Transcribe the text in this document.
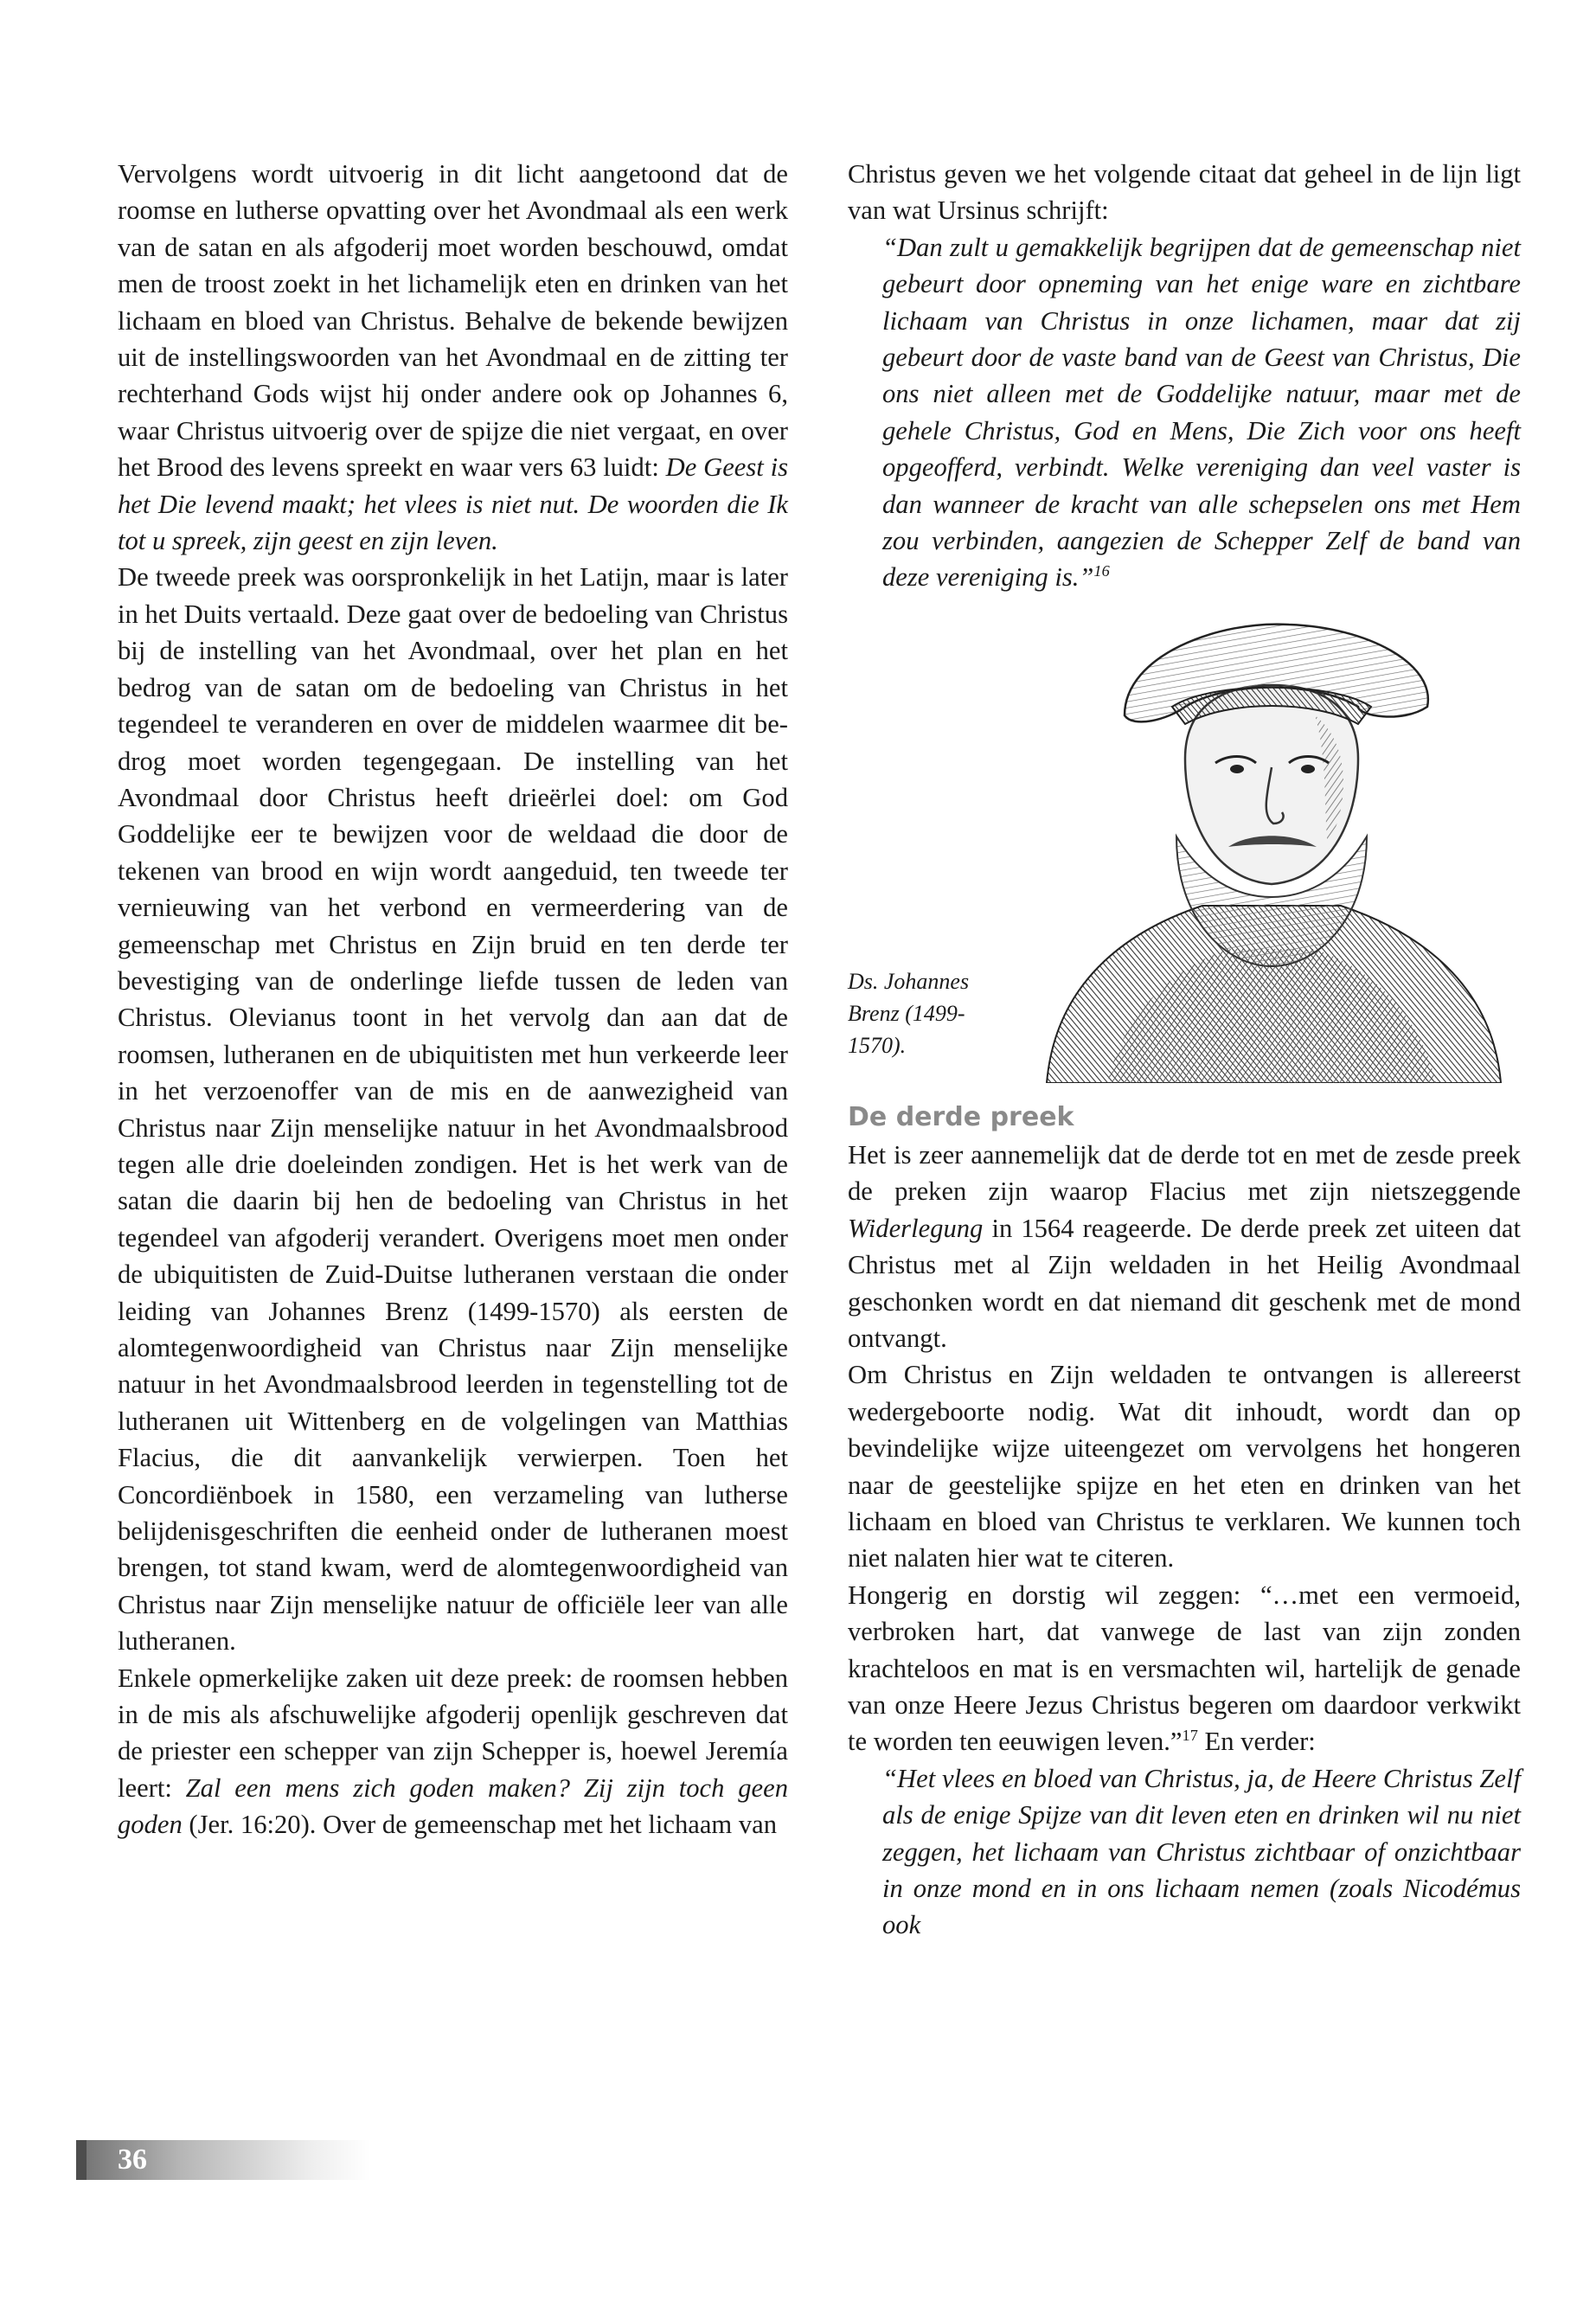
Vervolgens wordt uitvoerig in dit licht aangetoond dat de roomse en lutherse opvatting over het Avondmaal als een werk van de satan en als afgoderij moet worden beschouwd, omdat men de troost zoekt in het lichamelijk eten en drinken van het lichaam en bloed van Christus. Behalve de bekende bewijzen uit de instellingswoorden van het Avondmaal en de zitting ter rechterhand Gods wijst hij onder andere ook op Johannes 6, waar Christus uitvoerig over de spijze die niet vergaat, en over het Brood des levens spreekt en waar vers 63 luidt: De Geest is het Die levend maakt; het vlees is niet nut. De woorden die Ik tot u spreek, zijn geest en zijn leven.

De tweede preek was oorspronkelijk in het Latijn, maar is later in het Duits vertaald. Deze gaat over de bedoeling van Christus bij de instelling van het Avondmaal, over het plan en het bedrog van de satan om de bedoeling van Christus in het tegendeel te veranderen en over de middelen waarmee dit bedrog moet worden tegengegaan. De instelling van het Avondmaal door Christus heeft drieërlei doel: om God Goddelijke eer te bewijzen voor de weldaad die door de tekenen van brood en wijn wordt aangeduid, ten tweede ter vernieuwing van het verbond en vermeerdering van de gemeenschap met Christus en Zijn bruid en ten derde ter bevestiging van de onderlinge liefde tussen de leden van Christus. Olevianus toont in het vervolg dan aan dat de roomsen, lutheranen en de ubiquitisten met hun verkeerde leer in het verzoenoffer van de mis en de aanwezigheid van Christus naar Zijn menselijke natuur in het Avondmaalsbrood tegen alle drie doeleinden zondigen. Het is het werk van de satan die daarin bij hen de bedoeling van Christus in het tegendeel van afgoderij verandert. Overigens moet men onder de ubiquitisten de Zuid-Duitse lutheranen verstaan die onder leiding van Johannes Brenz (1499-1570) als eersten de alomtegenwoordigheid van Christus naar Zijn menselijke natuur in het Avondmaalsbrood leerden in tegenstelling tot de lutheranen uit Wittenberg en de volgelingen van Matthias Flacius, die dit aanvankelijk verwierpen. Toen het Concordiënboek in 1580, een verzameling van lutherse belijdenisgeschriften die eenheid onder de lutheranen moest brengen, tot stand kwam, werd de alomtegenwoordigheid van Christus naar Zijn menselijke natuur de officiële leer van alle lutheranen.

Enkele opmerkelijke zaken uit deze preek: de roomsen hebben in de mis als afschuwelijke afgoderij openlijk geschreven dat de priester een schepper van zijn Schepper is, hoewel Jeremía leert: Zal een mens zich goden maken? Zij zijn toch geen goden (Jer. 16:20). Over de gemeenschap met het lichaam van

Christus geven we het volgende citaat dat geheel in de lijn ligt van wat Ursinus schrijft:

“Dan zult u gemakkelijk begrijpen dat de gemeenschap niet gebeurt door opneming van het enige ware en zichtbare lichaam van Christus in onze lichamen, maar dat zij gebeurt door de vaste band van de Geest van Christus, Die ons niet alleen met de Goddelijke natuur, maar met de gehele Christus, God en Mens, Die Zich voor ons heeft opgeofferd, verbindt. Welke vereniging dan veel vaster is dan wanneer de kracht van alle schepselen ons met Hem zou verbinden, aangezien de Schepper Zelf de band van deze vereniging is.”$^{16}$

Ds. Johannes Brenz (1499-1570).
De derde preek

Het is zeer aannemelijk dat de derde tot en met de zesde preek de preken zijn waarop Flacius met zijn nietszeggende Widerlegung in 1564 reageerde. De derde preek zet uiteen dat Christus met al Zijn weldaden in het Heilig Avondmaal geschonken wordt en dat niemand dit geschenk met de mond ontvangt.

Om Christus en Zijn weldaden te ontvangen is allereerst wedergeboorte nodig. Wat dit inhoudt, wordt dan op bevindelijke wijze uiteengezet om vervolgens het hongeren naar de geestelijke spijze en het eten en drinken van het lichaam en bloed van Christus te verklaren. We kunnen toch niet nalaten hier wat te citeren.

Hongerig en dorstig wil zeggen: “…met een vermoeid, verbroken hart, dat vanwege de last van zijn zonden krachteloos en mat is en versmachten wil, hartelijk de genade van onze Heere Jezus Christus begeren om daardoor verkwikt te worden ten eeuwigen leven.”$^{17}$ En verder:

“Het vlees en bloed van Christus, ja, de Heere Christus Zelf als de enige Spijze van dit leven eten en drinken wil nu niet zeggen, het lichaam van Christus zichtbaar of onzichtbaar in onze mond en in ons lichaam nemen (zoals Nicodémus ook

36
